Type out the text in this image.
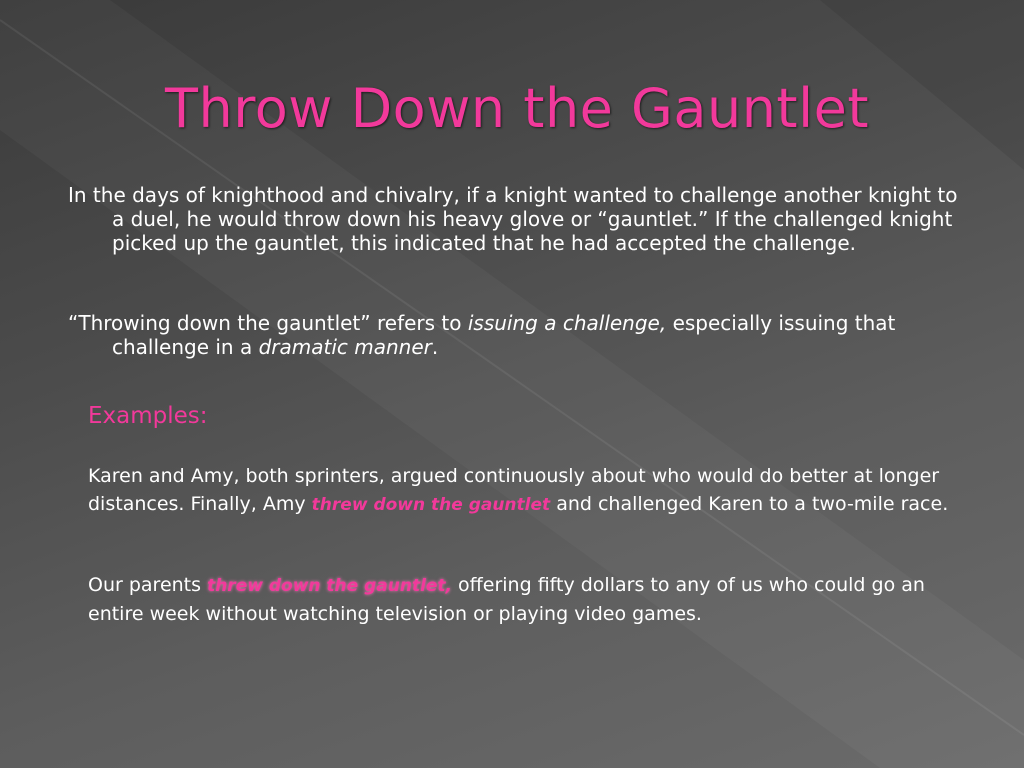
Throw Down the Gauntlet

In the days of knighthood and chivalry, if a knight wanted to challenge another knight to a duel, he would throw down his heavy glove or “gauntlet.” If the challenged knight picked up the gauntlet, this indicated that he had accepted the challenge.

“Throwing down the gauntlet” refers to issuing a challenge, especially issuing that challenge in a dramatic manner.

Examples:

Karen and Amy, both sprinters, argued continuously about who would do better at longer distances. Finally, Amy threw down the gauntlet and challenged Karen to a two-mile race.

Our parents threw down the gauntlet, offering fifty dollars to any of us who could go an entire week without watching television or playing video games.
